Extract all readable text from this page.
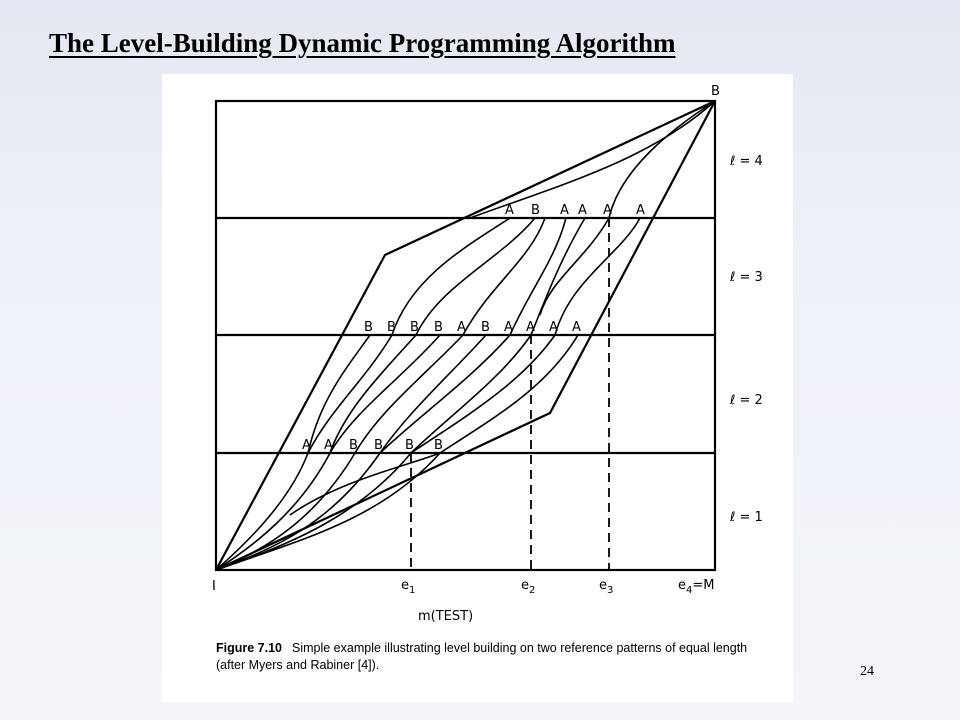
The Level-Building Dynamic Programming Algorithm
I
B
ℓ = 4
ℓ = 3
ℓ = 2
ℓ = 1
A B A A A A
B B B B A B A A A A
A A B B B B
$e_1$	$e_2$	$e_3$	$e_4=M$
m(TEST)
Figure 7.10 Simple example illustrating level building on two reference patterns of equal length (after Myers and Rabiner [4]).	24
